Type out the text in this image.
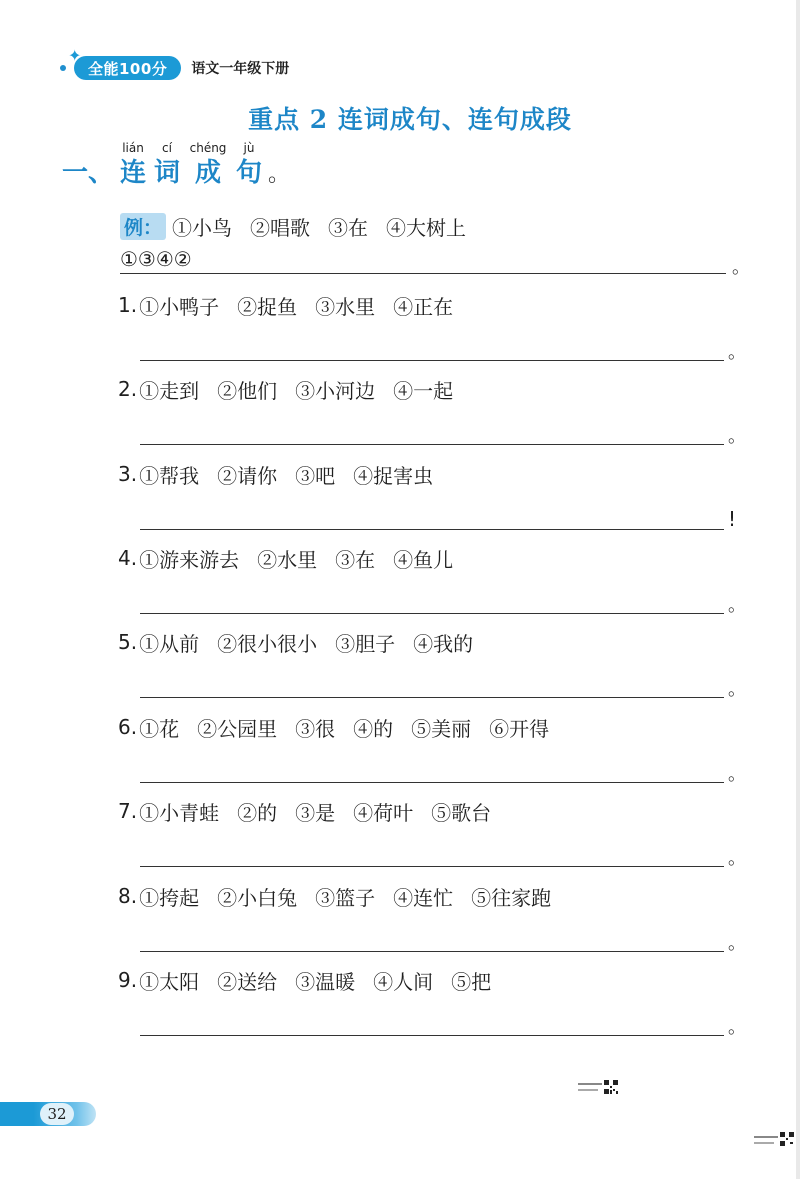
✦
全能100分 语文一年级下册
重点 2 连词成句、连句成段
一、
lián
连
cí
词
chéng
成
jù
句 。
例： ①小鸟 ②唱歌 ③在 ④大树上
①③④②	。
1. ①小鸭子 ②捉鱼 ③水里 ④正在
。
2. ①走到 ②他们 ③小河边 ④一起
。
3. ①帮我 ②请你 ③吧 ④捉害虫
!
4. ①游来游去 ②水里 ③在 ④鱼儿
。
5. ①从前 ②很小很小 ③胆子 ④我的
。
6. ①花 ②公园里 ③很 ④的 ⑤美丽 ⑥开得
。
7. ①小青蛙 ②的 ③是 ④荷叶 ⑤歌台
。
8. ①挎起 ②小白兔 ③篮子 ④连忙 ⑤往家跑
。
9. ①太阳 ②送给 ③温暖 ④人间 ⑤把
。
32
